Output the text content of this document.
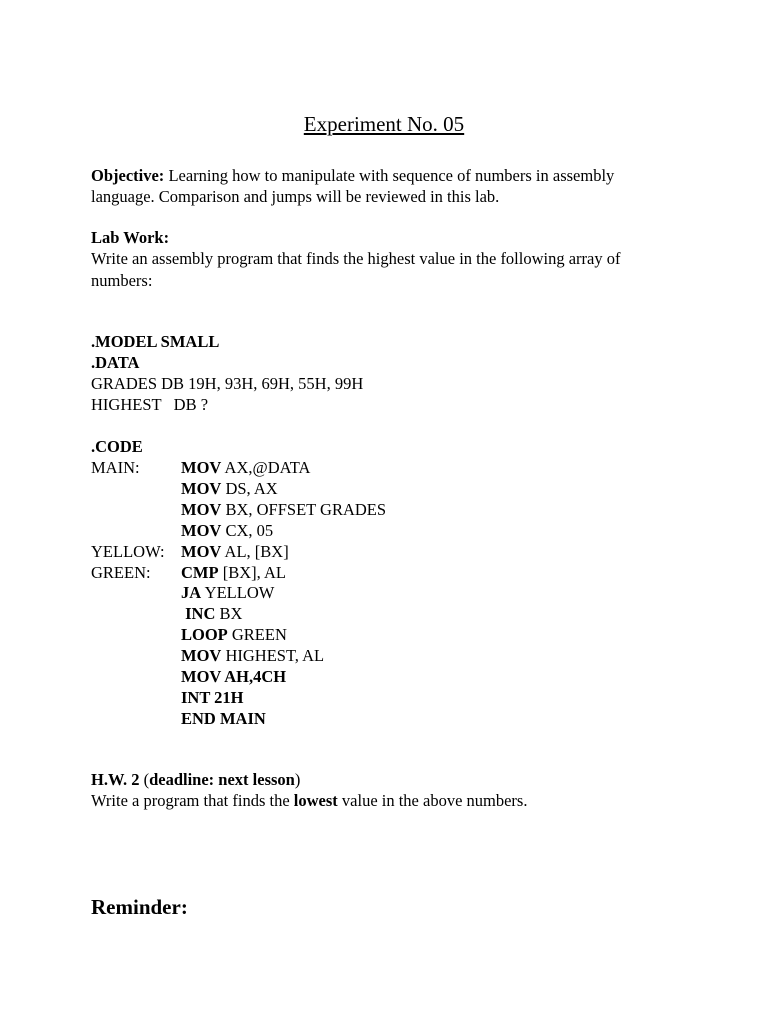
Experiment No. 05
Objective: Learning how to manipulate with sequence of numbers in assembly
language. Comparison and jumps will be reviewed in this lab.
Lab Work:
Write an assembly program that finds the highest value in the following array of
numbers:
.MODEL SMALL
.DATA
GRADES DB 19H, 93H, 69H, 55H, 99H
HIGHEST   DB ?
.CODE
MAIN:	MOV AX,@DATA
MOV DS, AX
MOV BX, OFFSET GRADES
MOV CX, 05
YELLOW: MOV AL, [BX]
GREEN: CMP [BX], AL
JA YELLOW
INC BX
LOOP GREEN
MOV HIGHEST, AL
MOV AH,4CH
INT 21H
END MAIN
H.W. 2 (deadline: next lesson)
Write a program that finds the lowest value in the above numbers.
Reminder:
